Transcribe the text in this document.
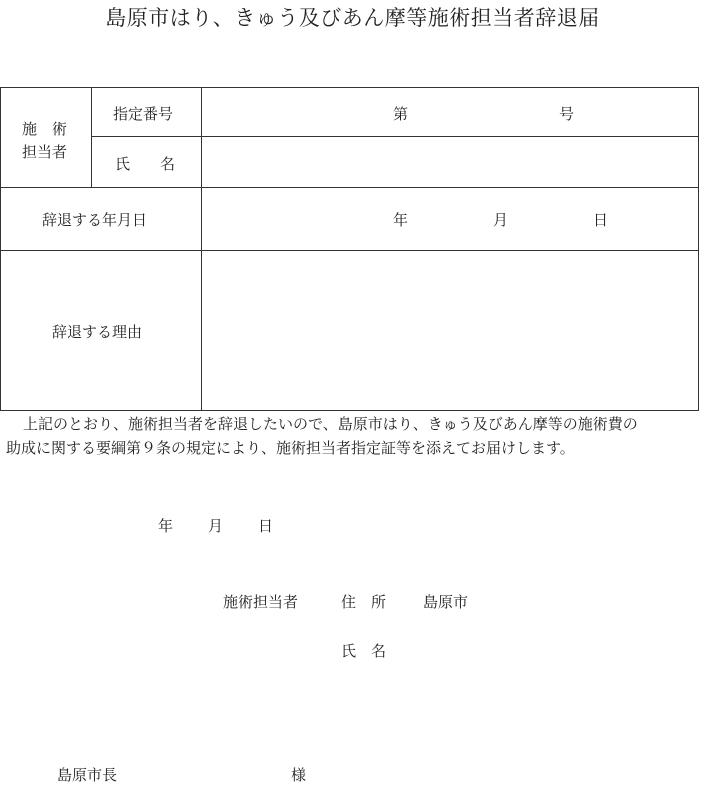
島原市はり、きゅう及びあん摩等施術担当者辞退届
施　術
担当者
指定番号	第	号
氏　　名
辞退する年月日	年	月	日
辞退する理由
上記のとおり、施術担当者を辞退したいので、島原市はり、きゅう及びあん摩等の施術費の
助成に関する要綱第９条の規定により、施術担当者指定証等を添えてお届けします。
年 月 日
施術担当者	住　所 島原市
氏　名
島原市長	様
